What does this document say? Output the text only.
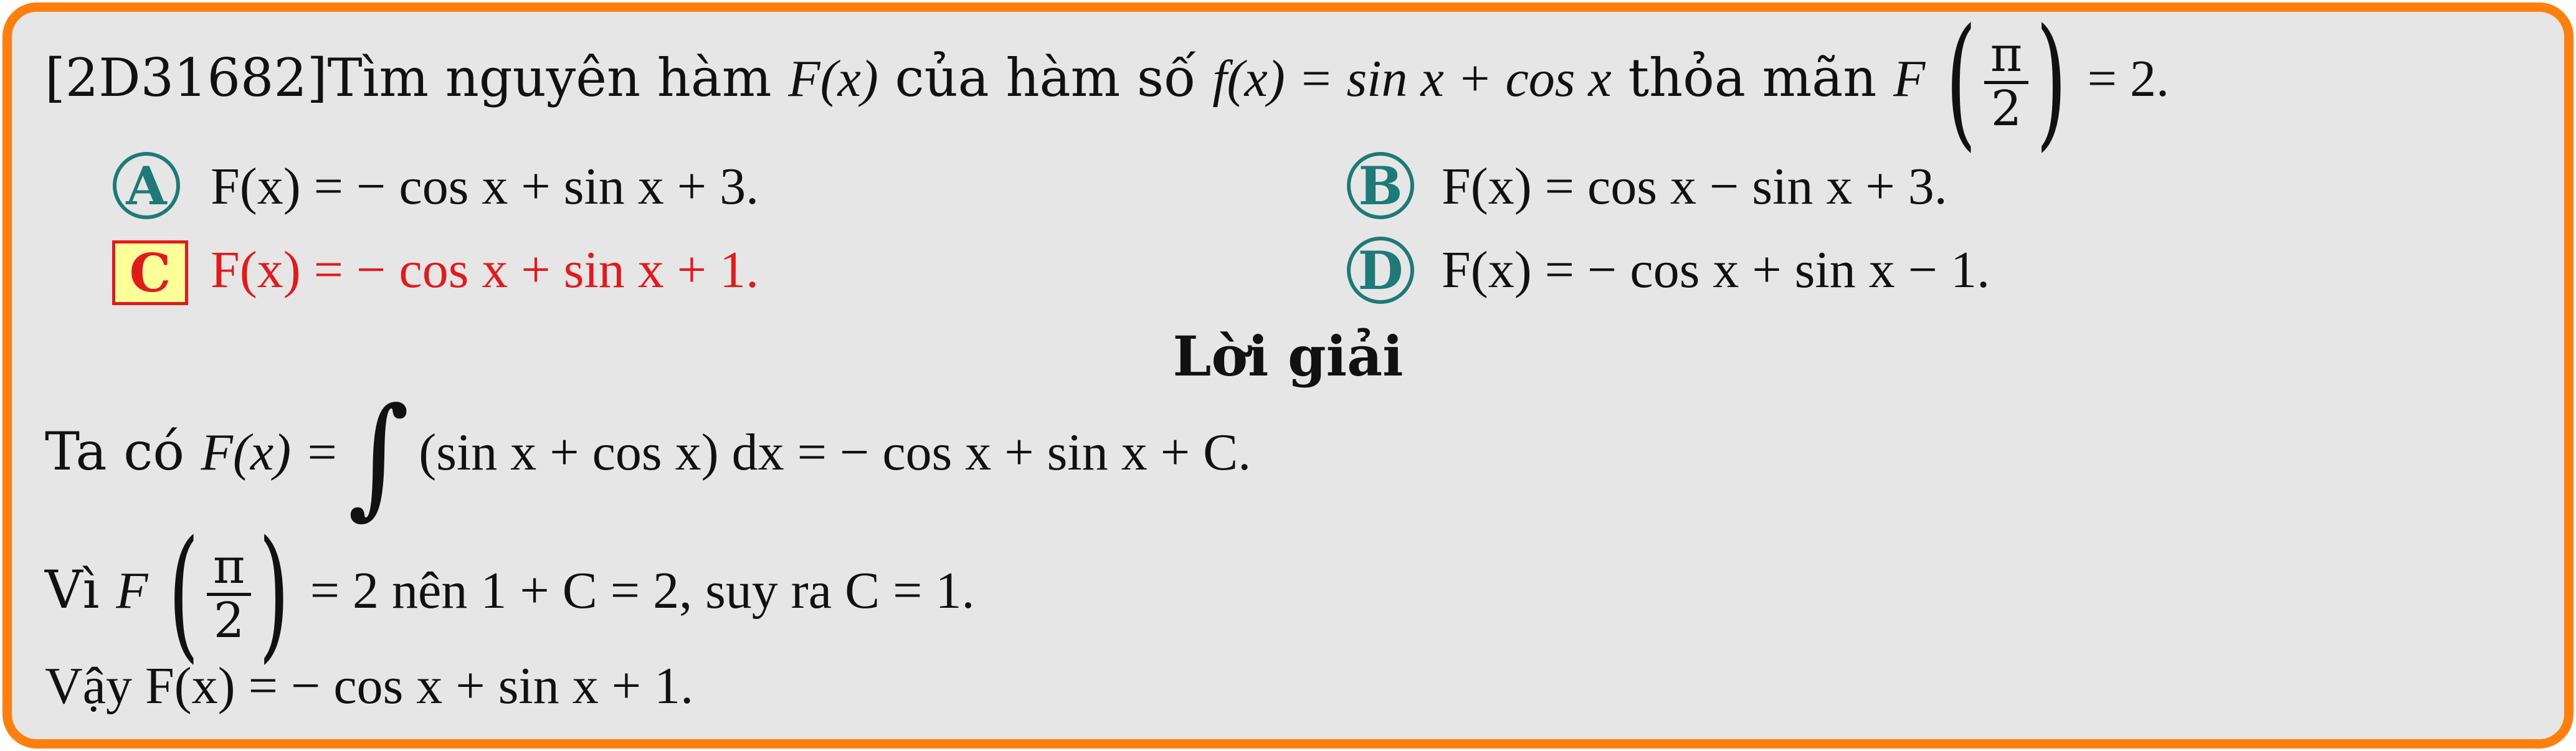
[2D31682]Tìm nguyên hàm F(x) của hàm số f(x) = sin x + cos x thỏa mãn F ( $\frac{\pi}{2}$ ) = 2.
A F(x) = − cos x + sin x + 3.	B F(x) = cos x − sin x + 3.
C F(x) = − cos x + sin x + 1.	D F(x) = − cos x + sin x − 1.
Lời giải
Ta có F(x) =∫ (sin x + cos x) dx = − cos x + sin x + C.
Vì F ( $\frac{\pi}{2}$ ) = 2 nên 1 + C = 2, suy ra C = 1.
Vậy F(x) = − cos x + sin x + 1.
